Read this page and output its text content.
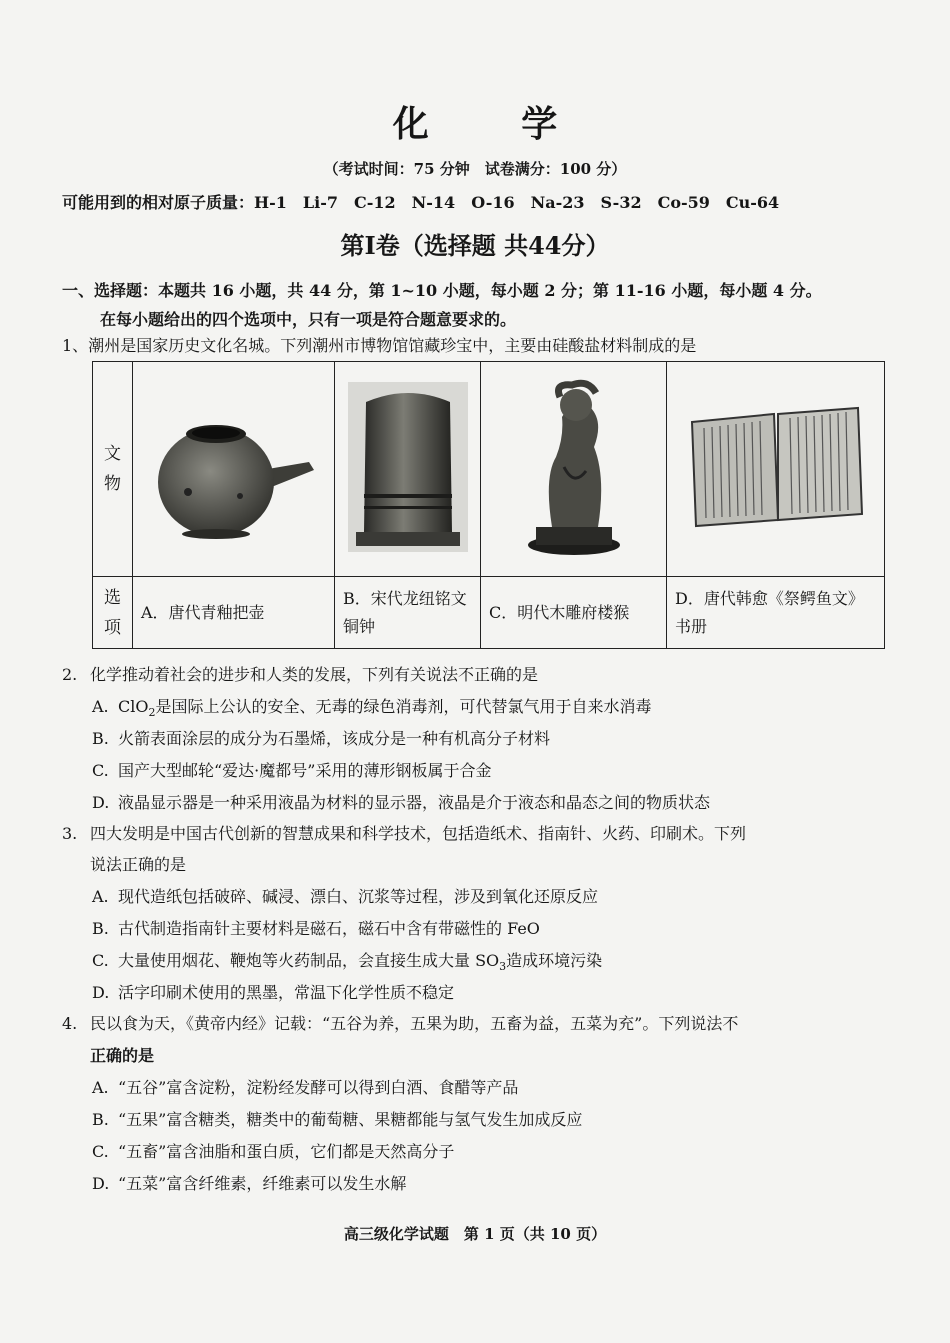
化 学
（考试时间：75 分钟　试卷满分：100 分）
可能用到的相对原子质量：H-1 Li-7 C-12 N-14 O-16 Na-23 S-32 Co-59 Cu-64
第Ⅰ卷（选择题 共44分）
一、选择题：本题共 16 小题，共 44 分，第 1~10 小题，每小题 2 分；第 11-16 小题，每小题 4 分。
在每小题给出的四个选项中，只有一项是符合题意要求的。
1、潮州是国家历史文化名城。下列潮州市博物馆馆藏珍宝中，主要由硅酸盐材料制成的是
文
物

选
项	A．唐代青釉把壶	B．宋代龙纽铭文铜钟	C．明代木雕府楼猴	D．唐代韩愈《祭鳄鱼文》书册
2. 化学推动着社会的进步和人类的发展，下列有关说法不正确的是
A. ClO$_2$是国际上公认的安全、无毒的绿色消毒剂，可代替氯气用于自来水消毒
B. 火箭表面涂层的成分为石墨烯，该成分是一种有机高分子材料
C. 国产大型邮轮“爱达·魔都号”采用的薄形钢板属于合金
D. 液晶显示器是一种采用液晶为材料的显示器，液晶是介于液态和晶态之间的物质状态
3. 四大发明是中国古代创新的智慧成果和科学技术，包括造纸术、指南针、火药、印刷术。下列
说法正确的是
A. 现代造纸包括破碎、碱浸、漂白、沉浆等过程，涉及到氧化还原反应
B. 古代制造指南针主要材料是磁石，磁石中含有带磁性的 FeO
C. 大量使用烟花、鞭炮等火药制品，会直接生成大量 $SO_3$造成环境污染
D. 活字印刷术使用的黑墨，常温下化学性质不稳定
4. 民以食为天，《黄帝内经》记载：“五谷为养，五果为助，五畜为益，五菜为充”。下列说法不
正确的是
A. “五谷”富含淀粉，淀粉经发酵可以得到白酒、食醋等产品
B. “五果”富含糖类，糖类中的葡萄糖、果糖都能与氢气发生加成反应
C. “五畜”富含油脂和蛋白质，它们都是天然高分子
D. “五菜”富含纤维素，纤维素可以发生水解
高三级化学试题　第 1 页（共 10 页）
